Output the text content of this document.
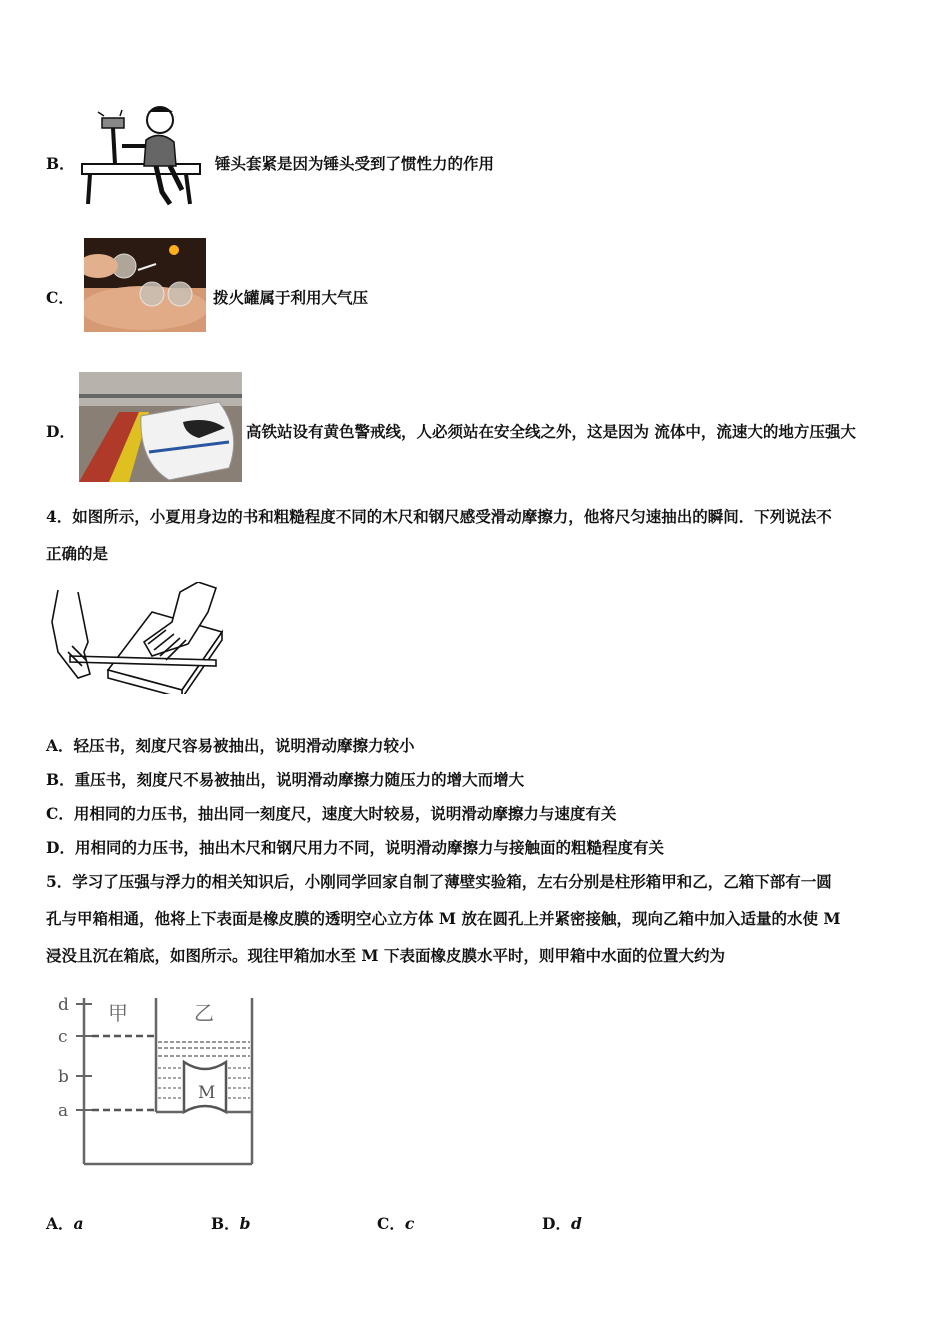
B．	锤头套紧是因为锤头受到了惯性力的作用
C．	拨火罐属于利用大气压
D．	高铁站设有黄色警戒线，人必须站在安全线之外，这是因为 流体中，流速大的地方压强大
4．如图所示，小夏用身边的书和粗糙程度不同的木尺和钢尺感受滑动摩擦力，他将尺匀速抽出的瞬间．下列说法不
正确的是
A．轻压书，刻度尺容易被抽出，说明滑动摩擦力较小
B．重压书，刻度尺不易被抽出，说明滑动摩擦力随压力的增大而增大
C．用相同的力压书，抽出同一刻度尺，速度大时较易，说明滑动摩擦力与速度有关
D．用相同的力压书，抽出木尺和钢尺用力不同，说明滑动摩擦力与接触面的粗糙程度有关
5．学习了压强与浮力的相关知识后，小刚同学回家自制了薄壁实验箱，左右分别是柱形箱甲和乙，乙箱下部有一圆
孔与甲箱相通，他将上下表面是橡皮膜的透明空心立方体 M 放在圆孔上并紧密接触，现向乙箱中加入适量的水使 M
浸没且沉在箱底，如图所示。现往甲箱加水至 M 下表面橡皮膜水平时，则甲箱中水面的位置大约为
d
c
b
a
甲	乙
M
A．a	B．b	C．c	D．d
